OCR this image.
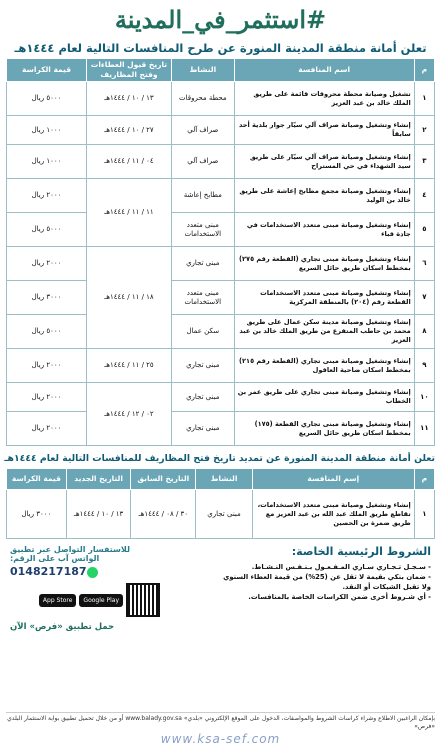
#استثمر_في_المدينة
تعلن أمانة منطقة المدينة المنورة عن طرح المنافسات التالية لعام ١٤٤٤هـ
م	اسم المنافسة	النشاط	تاريخ قبول العطاءات وفتح المظاريف	قيمة الكراسة
١	تشغيل وصيانة محطة محروقات قائمة على طريق الملك خالد بن عبد العزيز	محطة محروقات	١٣ / ١٠ / ١٤٤٤هـ	٥٠٠٠ ريال
٢	إنشاء وتشغيل وصيانة صراف آلي سيّار جوار بلدية أحد سابقاً	صراف آلي	٢٧ / ١٠ / ١٤٤٤هـ	١٠٠٠ ريال
٣	إنشاء وتشغيل وصيانة صراف آلي سيّار على طريق سيد الشهداء في حي المستراح	صراف آلي	٠٤ / ١١ / ١٤٤٤هـ	١٠٠٠ ريال
٤	إنشاء وتشغيل وصيانة مجمع مطابخ إعاشة على طريق خالد بن الوليد	مطابخ إعاشة	١١ / ١١ / ١٤٤٤هـ	٢٠٠٠ ريال
٥	إنشاء وتشغيل وصيانة مبنى متعدد الاستخدامات في جادة قباء	مبنى متعدد الاستخدامات		٥٠٠٠ ريال
٦	إنشاء وتشغيل وصيانة مبنى تجاري (القطعة رقم ٢٧٥) بمخطط اسكان طريق حائل السريع	مبنى تجاري	١٨ / ١١ / ١٤٤٤هـ	٢٠٠٠ ريال
٧	إنشاء وتشغيل وصيانة مبنى متعدد الاستخدامات القطعة رقم (٢٠٤) بالمنطقة المركزية	مبنى متعدد الاستخدامات		٣٠٠٠ ريال
٨	إنشاء وتشغيل وصيانة مدينة سكن عمال على طريق محمد بن حاطب المتفرع من طريق الملك خالد بن عبد العزيز	سكن عمال		٥٠٠٠ ريال
٩	إنشاء وتشغيل وصيانة مبنى تجاري (القطعة رقم ٢١٥) بمخطط اسكان ضاحية العاقول	مبنى تجاري	٢٥ / ١١ / ١٤٤٤هـ	٢٠٠٠ ريال
١٠	إنشاء وتشغيل وصيانة مبنى تجاري على طريق عمر بن الخطاب	مبنى تجاري	٠٢ / ١٢ / ١٤٤٤هـ	٢٠٠٠ ريال
١١	إنشاء وتشغيل وصيانة مبنى تجاري القطعة (١٧٥) بمخطط اسكان طريق حائل السريع	مبنى تجاري		٢٠٠٠ ريال
تعلن أمانة منطقة المدينة المنورة عن تمديد تاريخ فتح المظاريف للمنافسات التالية لعام ١٤٤٤هـ
م	إسم المنافسة	النشاط	التاريخ السابق	التاريخ الجديد	قيمة الكراسة
١	إنشاء وتشغيل وصيانة مبنى متعدد الاستخدامات، تقاطع طريق الملك عبد الله بن عبد العزيز مع طريق ضمرة بن الحصين	مبنى تجاري	٣٠ / ٠٨ / ١٤٤٤هـ	١٣ / ١٠ / ١٤٤٤هـ	٣٠٠٠ ريال
الشروط الرئيسية الخاصة:
- سـجـل تـجـاري سـاري المـفـعـول بـنـفـس النـشـاط.
- ضمان بنكي بقيمة لا تقل عن (25%) من قيمة العطاء السنوي ولا تقبل الشيكات أو النقد.
- أي شـروط أخرى ضمن الكراسات الخاصة بالمنافسات.
للاستفسار التواصل عبر تطبيق
الواتس آب على الرقم:
0148217187
Google Play
App Store
حمل تطبيق «فرص» الآن
بإمكان الراغبين الاطلاع وشراء كراسات الشروط والمواصفات، الدخول على الموقع الإلكتروني «بلدي» www.balady.gov.sa أو من خلال تحميل تطبيق بوابة الاستثمار البلدي «فرص»
www.ksa-sef.com
